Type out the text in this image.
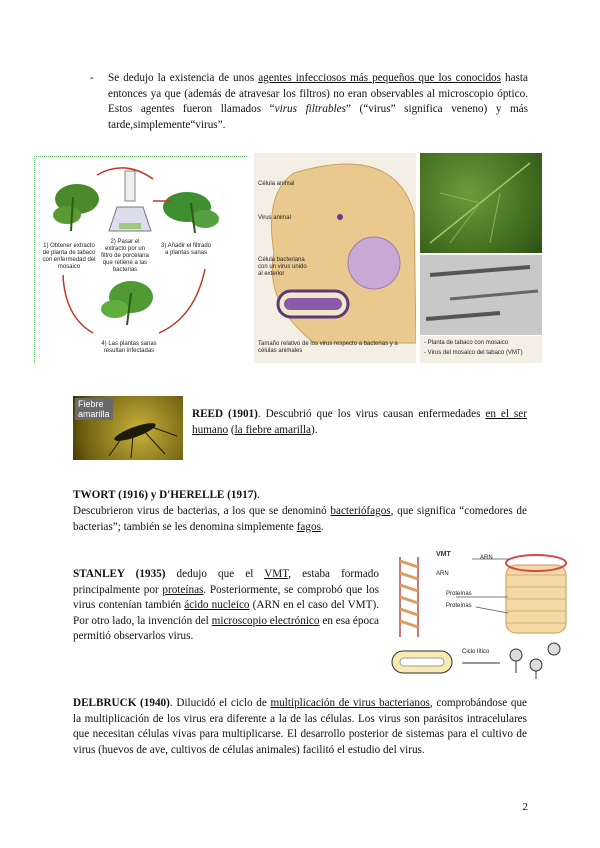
- Se dedujo la existencia de unos agentes infecciosos más pequeños que los conocidos hasta entonces ya que (además de atravesar los filtros) no eran observables al microscopio óptico. Estos agentes fueron llamados “virus filtrables” (“virus” significa veneno) y más tarde,simplemente“virus”.
1) Obtener extracto de planta de tabaco con enfermedad del mosaico
2) Pasar el extracto por un filtro de porcelana que retiene a las bacterias
3) Añadir el filtrado a plantas sanas
4) Las plantas sanas resultan infectadas
Célula animal
Virus animal
Célula bacteriana con un virus unido al exterior
Tamaño relativo de los virus respecto a bacterias y a células animales
- Planta de tabaco con mosaico
- Virus del mosaico del tabaco (VMT)
Fiebre
amarilla	REED (1901). Descubrió que los virus causan enfermedades en el ser humano (la fiebre amarilla).
TWORT (1916) y D'HERELLE (1917).
Descubrieron virus de bacterias, a los que se denominó bacteriófagos, que significa “comedores de bacterias”; también se les denomina simplemente fagos.
STANLEY (1935) dedujo que el VMT, estaba formado principalmente por proteínas. Posteriormente, se comprobó que los virus contenían también ácido nucleico (ARN en el caso del VMT). Por otro lado, la invención del microscopio electrónico en esa época permitió observarlos virus.
VMT
ARN
ARN
Proteínas
Proteínas
Ciclo lítico
DELBRUCK (1940). Dilucidó el ciclo de multiplicación de virus bacterianos, comprobándose que la multiplicación de los virus era diferente a la de las células. Los virus son parásitos intracelulares que necesitan células vivas para multiplicarse. El desarrollo posterior de sistemas para el cultivo de virus (huevos de ave, cultivos de células animales) facilitó el estudio del virus.
2
